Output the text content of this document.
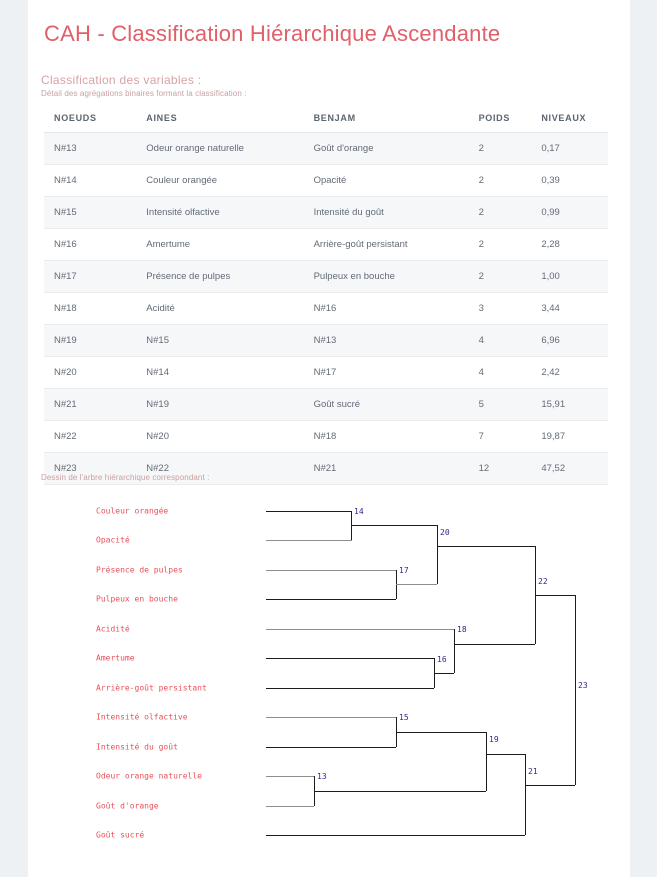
CAH - Classification Hiérarchique Ascendante
Classification des variables :
Détail des agrégations binaires formant la classification :
NOEUDS	AINES	BENJAM	POIDS	NIVEAUX
N#13	Odeur orange naturelle	Goût d'orange	2	0,17
N#14	Couleur orangée	Opacité	2	0,39
N#15	Intensité olfactive	Intensité du goût	2	0,99
N#16	Amertume	Arrière-goût persistant	2	2,28
N#17	Présence de pulpes	Pulpeux en bouche	2	1,00
N#18	Acidité	N#16	3	3,44
N#19	N#15	N#13	4	6,96
N#20	N#14	N#17	4	2,42
N#21	N#19	Goût sucré	5	15,91
N#22	N#20	N#18	7	19,87
N#23	N#22	N#21	12	47,52
Dessin de l'arbre hiérarchique correspondant :
Couleur orangée
Opacité
Présence de pulpes
Pulpeux en bouche
Acidité
Amertume
Arrière-goût persistant
Intensité olfactive
Intensité du goût
Odeur orange naturelle
Goût d'orange
Goût sucré
14
17
20
16
18
22
15
13
19
21
23
